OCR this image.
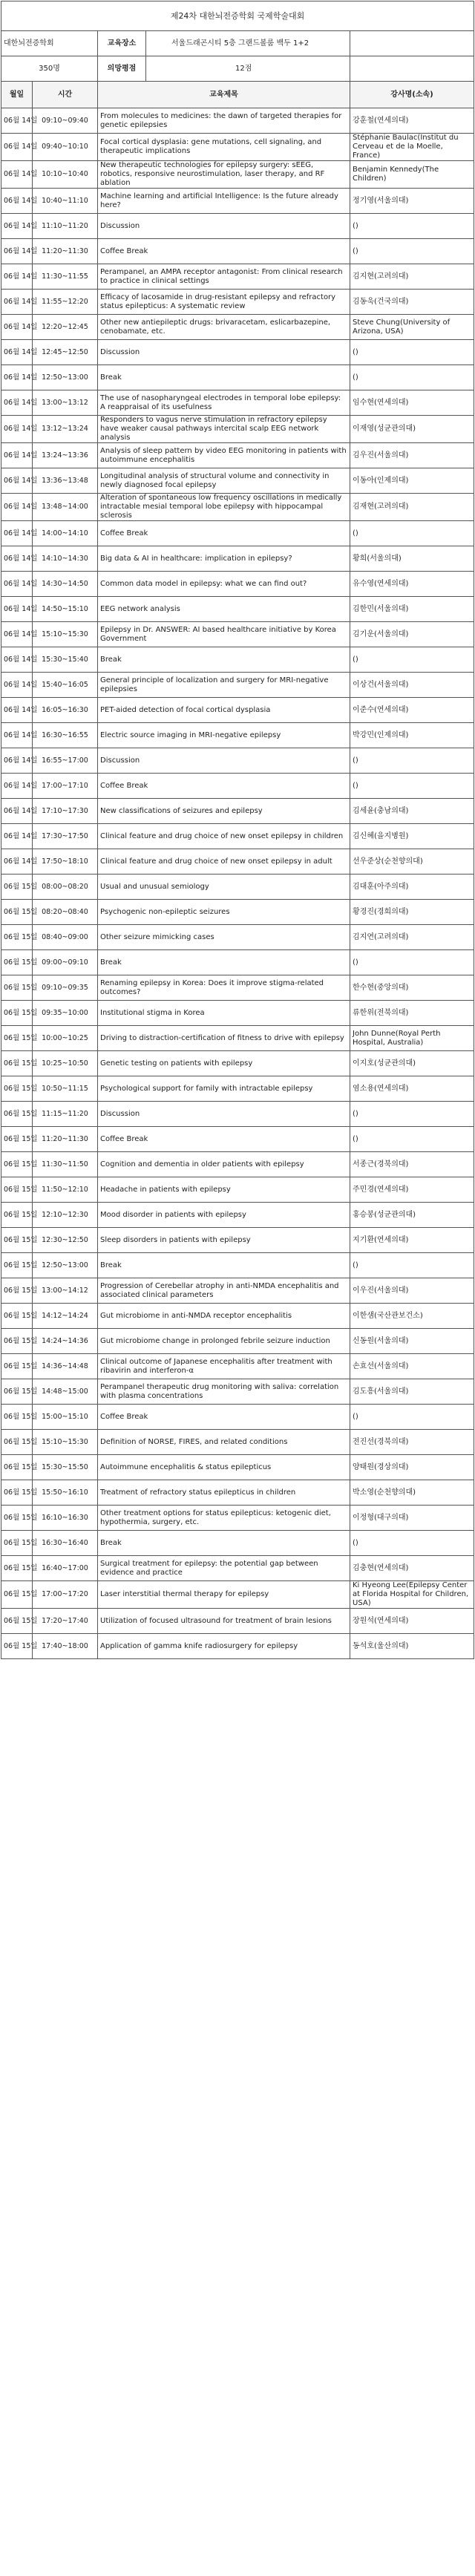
제24차 대한뇌전증학회 국제학술대회			
대한뇌전증학회		교육장소 서울드래곤시티 5층 그랜드볼룸 백두 1+2	

350명		의망평점 12점	

월일	시간	교육제목	강사명(소속)
06월 14일	09:10~09:40	From molecules to medicines: the dawn of targeted therapies for genetic epilepsies	강훈철(연세의대)
06월 14일	09:40~10:10	Focal cortical dysplasia: gene mutations, cell signaling, and therapeutic implications	Stéphanie Baulac(Institut du Cerveau et de la Moelle, France)
06월 14일	10:10~10:40	New therapeutic technologies for epilepsy surgery: sEEG, robotics, responsive neurostimulation, laser therapy, and RF ablation	Benjamin Kennedy(The Children)
06월 14일	10:40~11:10	Machine learning and artificial Intelligence: Is the future already here?	정기영(서울의대)
06월 14일	11:10~11:20	Discussion	()
06월 14일	11:20~11:30	Coffee Break	()
06월 14일	11:30~11:55	Perampanel, an AMPA receptor antagonist: From clinical research to practice in clinical settings	김지현(고려의대)
06월 14일	11:55~12:20	Efficacy of lacosamide in drug-resistant epilepsy and refractory status epilepticus: A systematic review	김동욱(건국의대)
06월 14일	12:20~12:45	Other new antiepileptic drugs: brivaracetam, eslicarbazepine, cenobamate, etc.	Steve Chung(University of Arizona, USA)
06월 14일	12:45~12:50	Discussion	()
06월 14일	12:50~13:00	Break	()
06월 14일	13:00~13:12	The use of nasopharyngeal electrodes in temporal lobe epilepsy: A reappraisal of its usefulness	임수현(연세의대)
06월 14일	13:12~13:24	Responders to vagus nerve stimulation in refractory epilepsy have weaker causal pathways intercital scalp EEG network analysis	이재영(성균관의대)
06월 14일	13:24~13:36	Analysis of sleep pattern by video EEG monitoring in patients with autoimmune encephalitis	김우진(서울의대)
06월 14일	13:36~13:48	Longitudinal analysis of structural volume and connectivity in newly diagnosed focal epilepsy	이동아(인제의대)
06월 14일	13:48~14:00	Alteration of spontaneous low frequency oscillations in medically intractable mesial temporal lobe epilepsy with hippocampal sclerosis	김재현(고려의대)
06월 14일	14:00~14:10	Coffee Break	()
06월 14일	14:10~14:30	Big data & AI in healthcare: implication in epilepsy?	황희(서울의대)
06월 14일	14:30~14:50	Common data model in epilepsy: what we can find out?	유수영(연세의대)
06월 14일	14:50~15:10	EEG network analysis	김한민(서울의대)
06월 14일	15:10~15:30	Epilepsy in Dr. ANSWER: AI based healthcare initiative by Korea Government	김기운(서울의대)
06월 14일	15:30~15:40	Break	()
06월 14일	15:40~16:05	General principle of localization and surgery for MRI-negative epilepsies	이상건(서울의대)
06월 14일	16:05~16:30	PET-aided detection of focal cortical dysplasia	이준수(연세의대)
06월 14일	16:30~16:55	Electric source imaging in MRI-negative epilepsy	박강민(인제의대)
06월 14일	16:55~17:00	Discussion	()
06월 14일	17:00~17:10	Coffee Break	()
06월 14일	17:10~17:30	New classifications of seizures and epilepsy	김세윤(충남의대)
06월 14일	17:30~17:50	Clinical feature and drug choice of new onset epilepsy in children	김신혜(을지병원)
06월 14일	17:50~18:10	Clinical feature and drug choice of new onset epilepsy in adult	선우준상(순천향의대)
06월 15일	08:00~08:20	Usual and unusual semiology	김대훈(아주의대)
06월 15일	08:20~08:40	Psychogenic non-epileptic seizures	황경진(경희의대)
06월 15일	08:40~09:00	Other seizure mimicking cases	김지연(고려의대)
06월 15일	09:00~09:10	Break	()
06월 15일	09:10~09:35	Renaming epilepsy in Korea: Does it improve stigma-related outcomes?	한수현(중앙의대)
06월 15일	09:35~10:00	Institutional stigma in Korea	류한위(전북의대)
06월 15일	10:00~10:25	Driving to distraction-certification of fitness to drive with epilepsy	John Dunne(Royal Perth Hospital, Australia)
06월 15일	10:25~10:50	Genetic testing on patients with epilepsy	이지호(성균관의대)
06월 15일	10:50~11:15	Psychological support for family with intractable epilepsy	염소용(연세의대)
06월 15일	11:15~11:20	Discussion	()
06월 15일	11:20~11:30	Coffee Break	()
06월 15일	11:30~11:50	Cognition and dementia in older patients with epilepsy	서종근(경북의대)
06월 15일	11:50~12:10	Headache in patients with epilepsy	주민경(연세의대)
06월 15일	12:10~12:30	Mood disorder in patients with epilepsy	홍승봉(성균관의대)
06월 15일	12:30~12:50	Sleep disorders in patients with epilepsy	지기환(연세의대)
06월 15일	12:50~13:00	Break	()
06월 15일	13:00~14:12	Progression of Cerebellar atrophy in anti-NMDA encephalitis and associated clinical parameters	이우진(서울의대)
06월 15일	14:12~14:24	Gut microbiome in anti-NMDA receptor encephalitis	이한샘(국산관보건소)
06월 15일	14:24~14:36	Gut microbiome change in prolonged febrile seizure induction	신동원(서울의대)
06월 15일	14:36~14:48	Clinical outcome of Japanese encephalitis after treatment with ribavirin and interferon-α	손효선(서울의대)
06월 15일	14:48~15:00	Perampanel therapeutic drug monitoring with saliva: correlation with plasma concentrations	김도흥(서울의대)
06월 15일	15:00~15:10	Coffee Break	()
06월 15일	15:10~15:30	Definition of NORSE, FIRES, and related conditions	전진선(경북의대)
06월 15일	15:30~15:50	Autoimmune encephalitis & status epilepticus	양태원(경상의대)
06월 15일	15:50~16:10	Treatment of refractory status epilepticus in children	박소영(순천향의대)
06월 15일	16:10~16:30	Other treatment options for status epilepticus: ketogenic diet, hypothermia, surgery, etc.	이정형(대구의대)
06월 15일	16:30~16:40	Break	()
06월 15일	16:40~17:00	Surgical treatment for epilepsy: the potential gap between evidence and practice	김충현(연세의대)
06월 15일	17:00~17:20	Laser interstitial thermal therapy for epilepsy	Ki Hyeong Lee(Epilepsy Center at Florida Hospital for Children, USA)
06월 15일	17:20~17:40	Utilization of focused ultrasound for treatment of brain lesions	장원석(연세의대)
06월 15일	17:40~18:00	Application of gamma knife radiosurgery for epilepsy	동석호(울산의대)
